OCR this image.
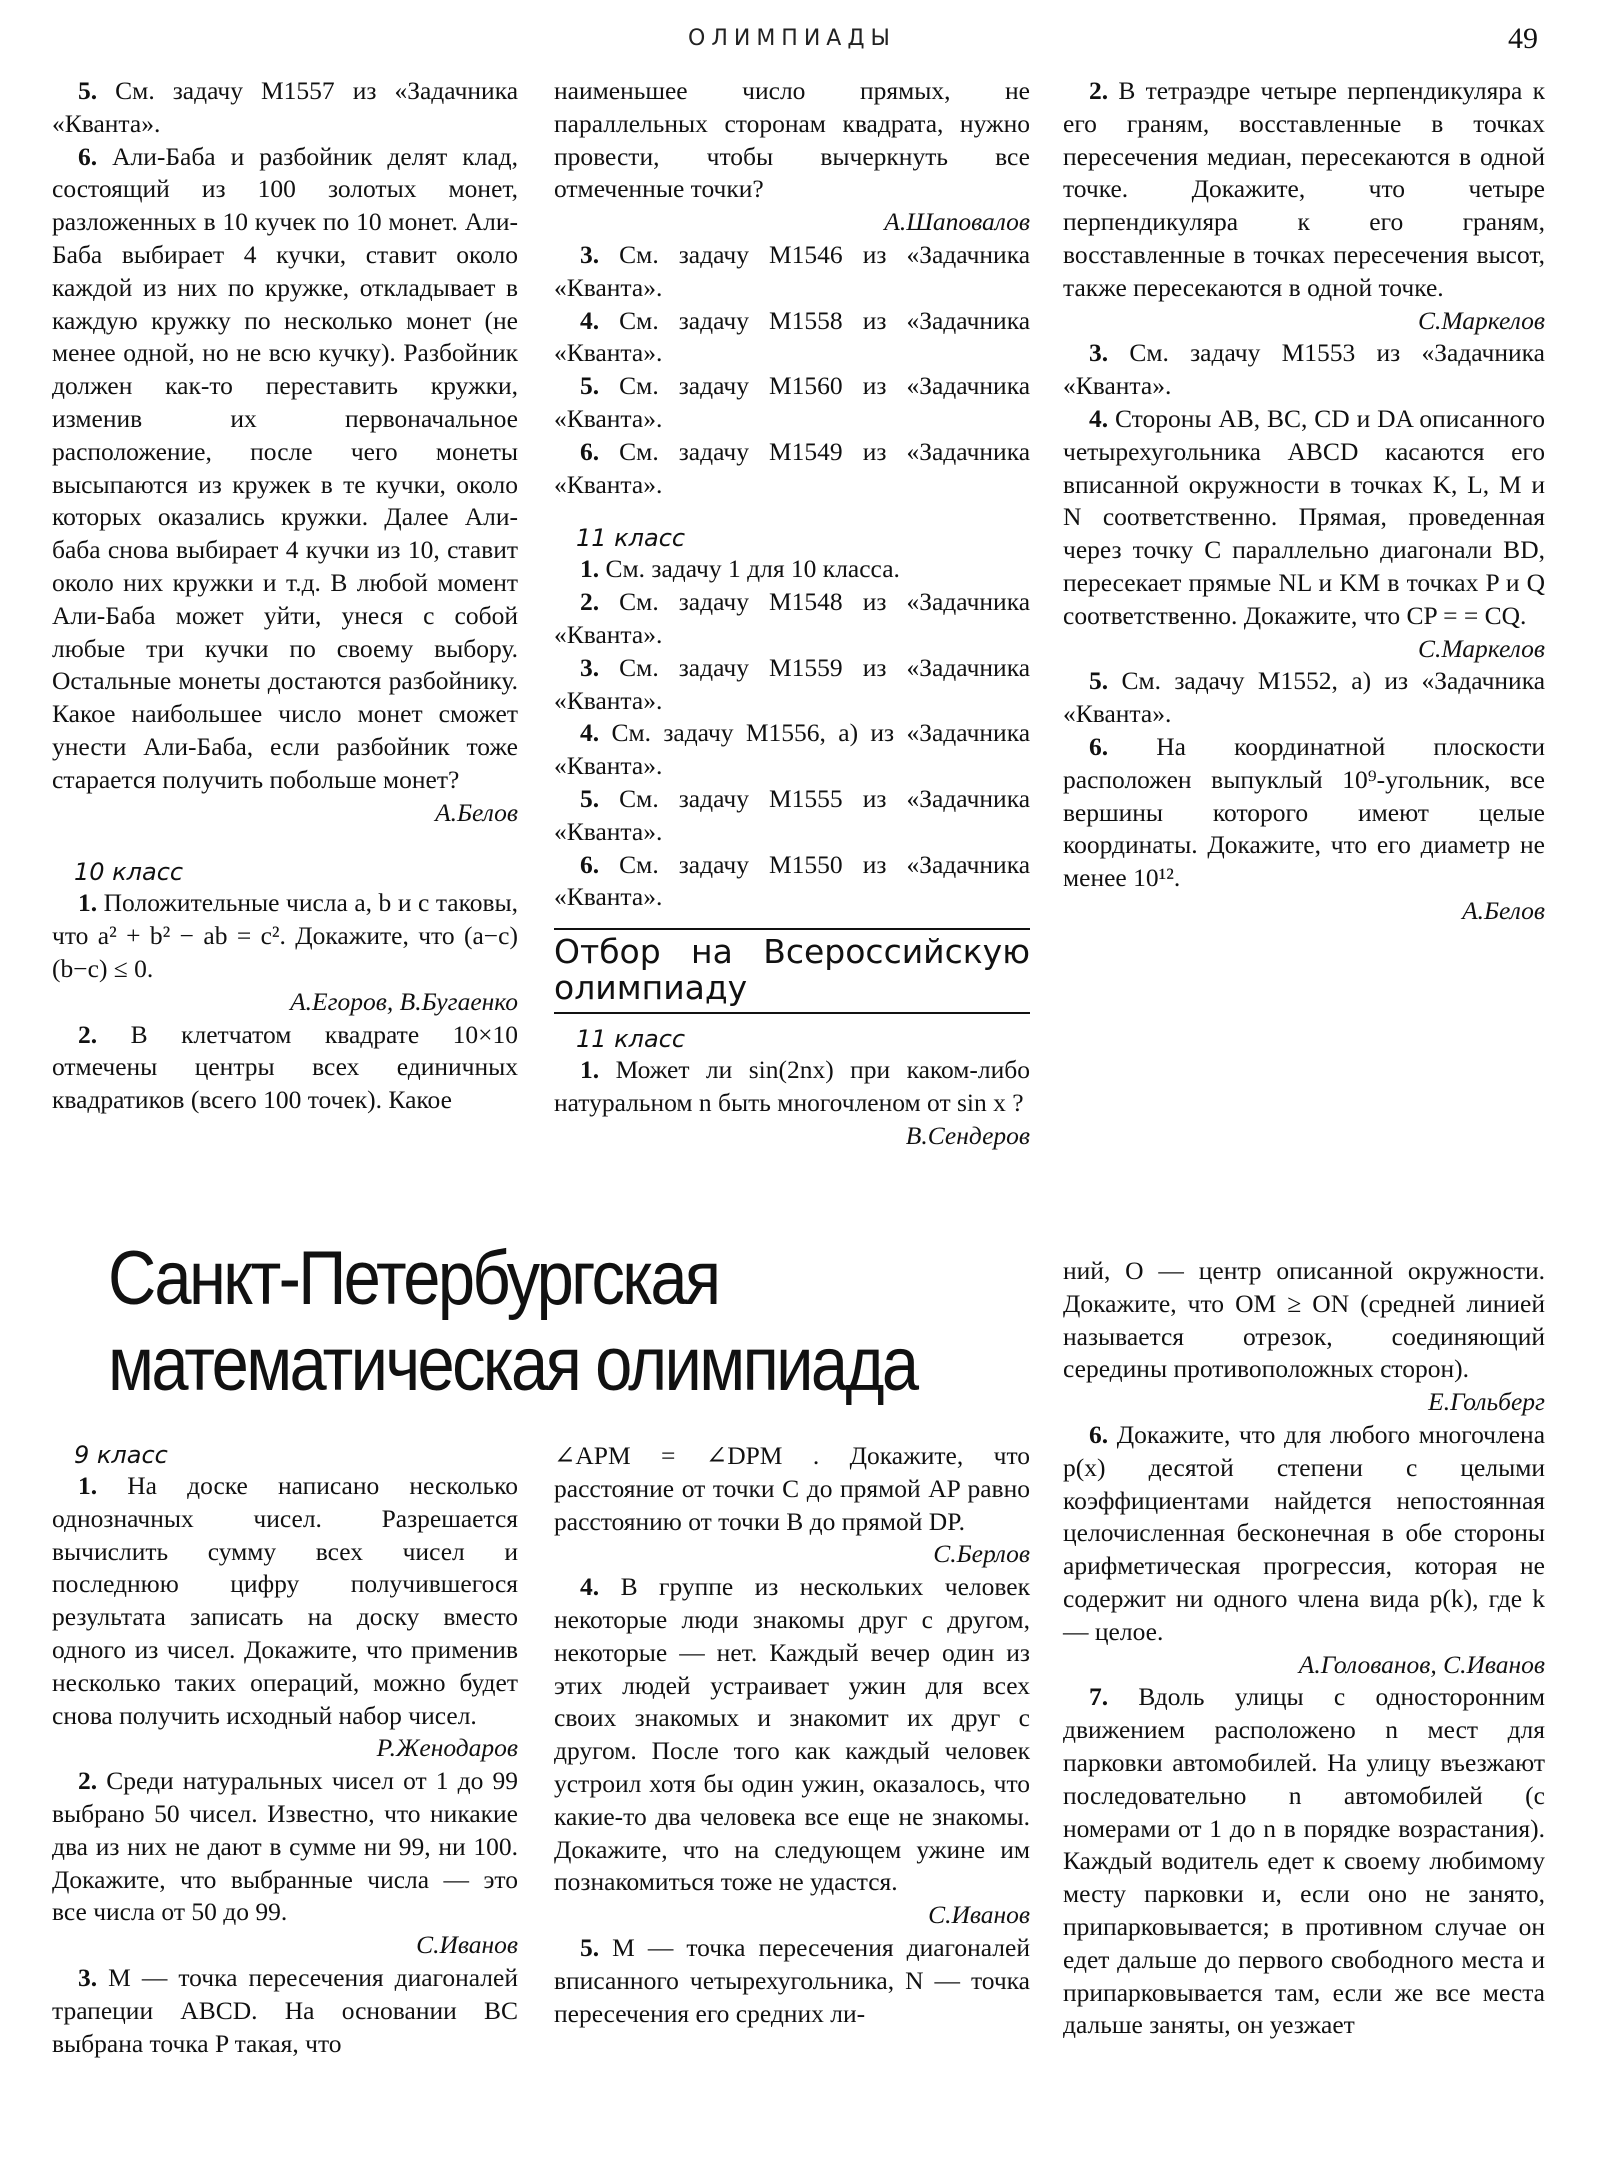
ОЛИМПИАДЫ	49

5. См. задачу М1557 из «Задачника «Кванта».

6. Али-Баба и разбойник делят клад, состоящий из 100 золотых монет, разложенных в 10 кучек по 10 монет. Али-Баба выбирает 4 кучки, ставит около каждой из них по кружке, откладывает в каждую кружку по несколько монет (не менее одной, но не всю кучку). Разбойник должен как-то переставить кружки, изменив их первоначальное расположение, после чего монеты высыпаются из кружек в те кучки, около которых оказались кружки. Далее Али-баба снова выбирает 4 кучки из 10, ставит около них кружки и т.д. В любой момент Али-Баба может уйти, унеся с собой любые три кучки по своему выбору. Остальные монеты достаются разбойнику. Какое наибольшее число монет сможет унести Али-Баба, если разбойник тоже старается получить побольше монет?

А.Белов

10 класс

1. Положительные числа a, b и c таковы, что a² + b² − ab = c². Докажите, что (a−c)(b−c) ≤ 0.

А.Егоров, В.Бугаенко

2. В клетчатом квадрате 10×10 отмечены центры всех единичных квадратиков (всего 100 точек). Какое

наименьшее число прямых, не параллельных сторонам квадрата, нужно провести, чтобы вычеркнуть все отмеченные точки?

А.Шаповалов

3. См. задачу М1546 из «Задачника «Кванта».

4. См. задачу М1558 из «Задачника «Кванта».

5. См. задачу М1560 из «Задачника «Кванта».

6. См. задачу М1549 из «Задачника «Кванта».

11 класс

1. См. задачу 1 для 10 класса.

2. См. задачу М1548 из «Задачника «Кванта».

3. См. задачу М1559 из «Задачника «Кванта».

4. См. задачу М1556, а) из «Задачника «Кванта».

5. См. задачу М1555 из «Задачника «Кванта».

6. См. задачу М1550 из «Задачника «Кванта».

Отбор на Всероссийскую олимпиаду
11 класс

1. Может ли sin(2nx) при каком-либо натуральном n быть многочленом от sin x ?

В.Сендеров

2. В тетраэдре четыре перпендикуляра к его граням, восставленные в точках пересечения медиан, пересекаются в одной точке. Докажите, что четыре перпендикуляра к его граням, восставленные в точках пересечения высот, также пересекаются в одной точке.

С.Маркелов

3. См. задачу М1553 из «Задачника «Кванта».

4. Стороны AB, BC, CD и DA описанного четырехугольника ABCD касаются его вписанной окружности в точках K, L, M и N соответственно. Прямая, проведенная через точку C параллельно диагонали BD, пересекает прямые NL и KM в точках P и Q соответственно. Докажите, что CP = = CQ.

С.Маркелов

5. См. задачу М1552, а) из «Задачника «Кванта».

6. На координатной плоскости расположен выпуклый 10⁹-угольник, все вершины которого имеют целые координаты. Докажите, что его диаметр не менее 10¹².

А.Белов

Санкт-Петербургская
математическая олимпиада
9 класс

1. На доске написано несколько однозначных чисел. Разрешается вычислить сумму всех чисел и последнюю цифру получившегося результата записать на доску вместо одного из чисел. Докажите, что применив несколько таких операций, можно будет снова получить исходный набор чисел.

Р.Женодаров

2. Среди натуральных чисел от 1 до 99 выбрано 50 чисел. Известно, что никакие два из них не дают в сумме ни 99, ни 100. Докажите, что выбранные числа — это все числа от 50 до 99.

С.Иванов

3. M — точка пересечения диагоналей трапеции ABCD. На основании BC выбрана точка P такая, что

∠APM = ∠DPM . Докажите, что расстояние от точки C до прямой AP равно расстоянию от точки B до прямой DP.

С.Берлов

4. В группе из нескольких человек некоторые люди знакомы друг с другом, некоторые — нет. Каждый вечер один из этих людей устраивает ужин для всех своих знакомых и знакомит их друг с другом. После того как каждый человек устроил хотя бы один ужин, оказалось, что какие-то два человека все еще не знакомы. Докажите, что на следующем ужине им познакомиться тоже не удастся.

С.Иванов

5. M — точка пересечения диагоналей вписанного четырехугольника, N — точка пересечения его средних ли-

ний, O — центр описанной окружности. Докажите, что OM ≥ ON (средней линией называется отрезок, соединяющий середины противоположных сторон).

Е.Гольберг

6. Докажите, что для любого многочлена p(x) десятой степени с целыми коэффициентами найдется непостоянная целочисленная бесконечная в обе стороны арифметическая прогрессия, которая не содержит ни одного члена вида p(k), где k — целое.

А.Голованов, С.Иванов

7. Вдоль улицы с односторонним движением расположено n мест для парковки автомобилей. На улицу въезжают последовательно n автомобилей (с номерами от 1 до n в порядке возрастания). Каждый водитель едет к своему любимому месту парковки и, если оно не занято, припарковывается; в противном случае он едет дальше до первого свободного места и припарковывается там, если же все места дальше заняты, он уезжает
